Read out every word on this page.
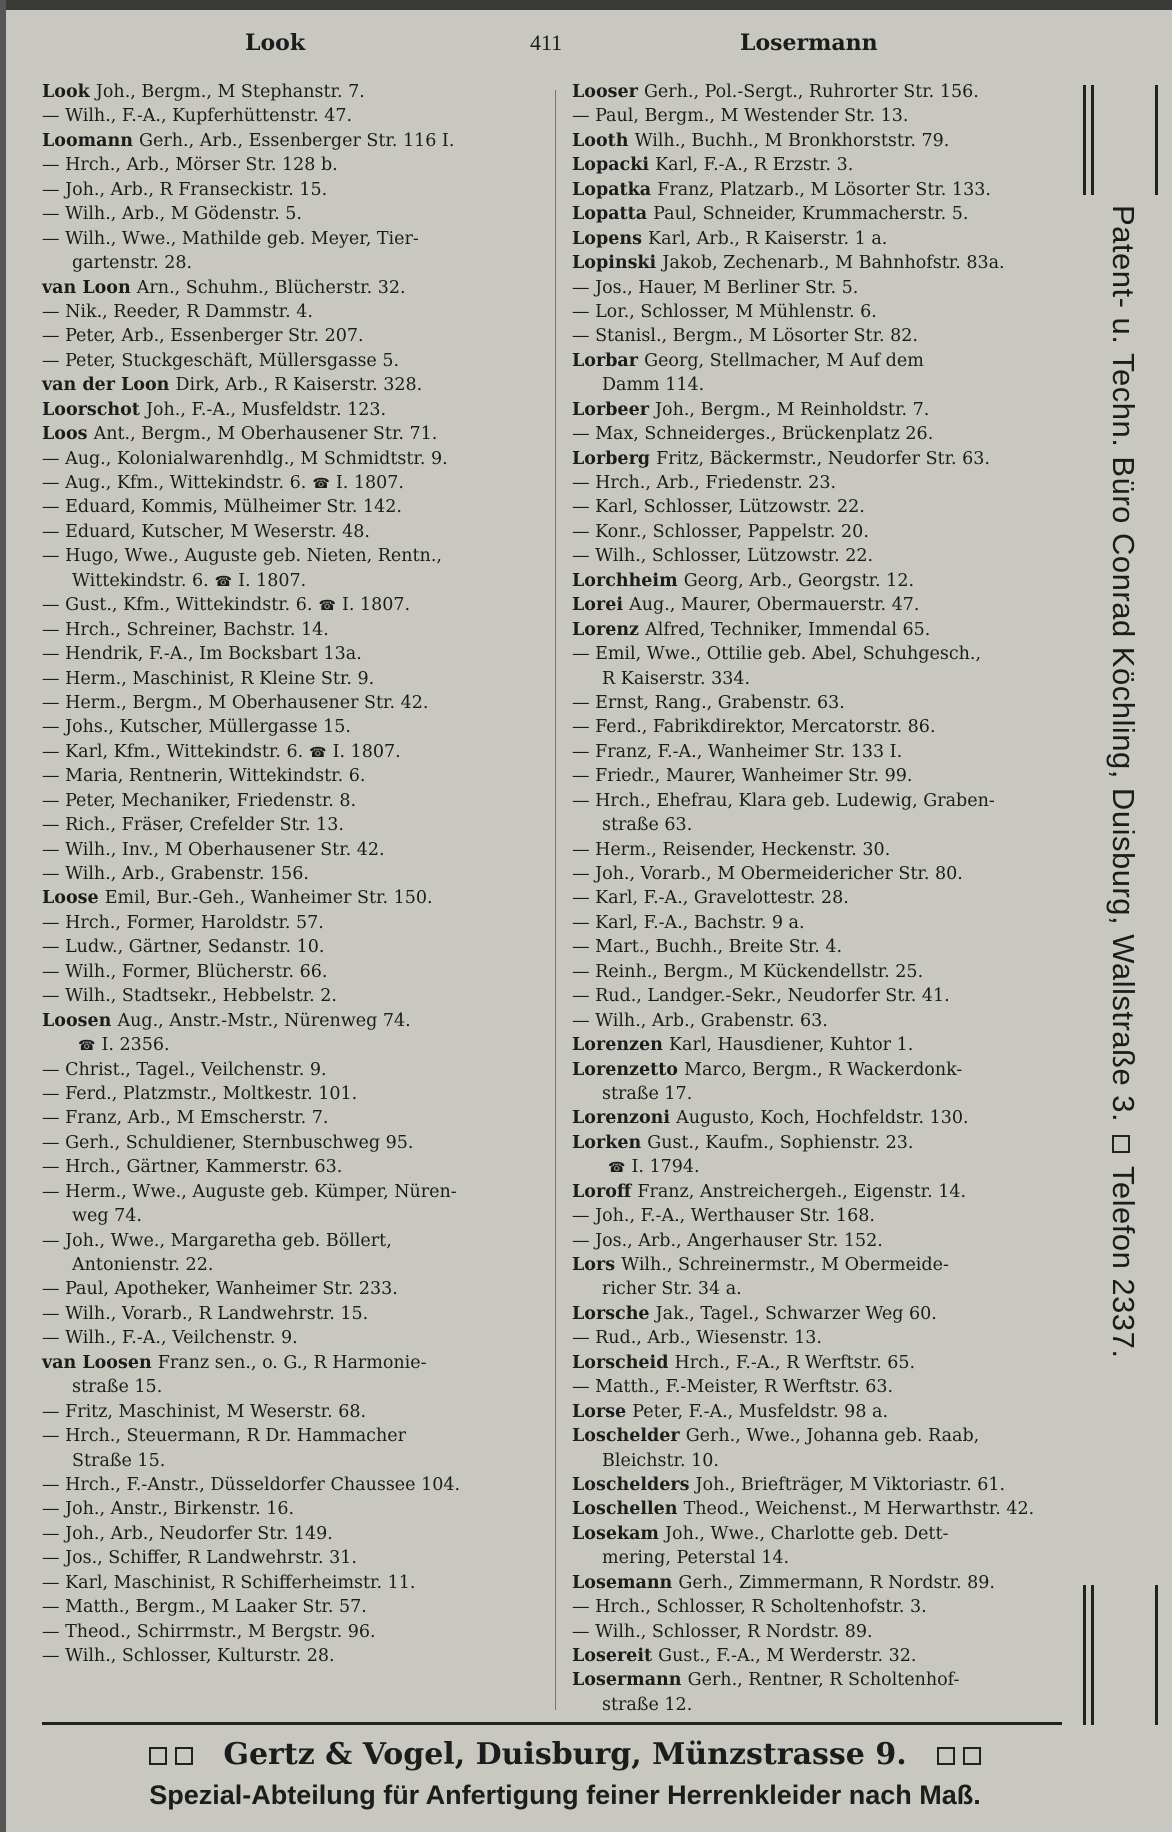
Look	411	Losermann
Look Joh., Bergm., M Stephanstr. 7.
— Wilh., F.-A., Kupferhüttenstr. 47.
Loomann Gerh., Arb., Essenberger Str. 116 I.
— Hrch., Arb., Mörser Str. 128 b.
— Joh., Arb., R Franseckistr. 15.
— Wilh., Arb., M Gödenstr. 5.
— Wilh., Wwe., Mathilde geb. Meyer, Tier-
gartenstr. 28.
van Loon Arn., Schuhm., Blücherstr. 32.
— Nik., Reeder, R Dammstr. 4.
— Peter, Arb., Essenberger Str. 207.
— Peter, Stuckgeschäft, Müllersgasse 5.
van der Loon Dirk, Arb., R Kaiserstr. 328.
Loorschot Joh., F.-A., Musfeldstr. 123.
Loos Ant., Bergm., M Oberhausener Str. 71.
— Aug., Kolonialwarenhdlg., M Schmidtstr. 9.
— Aug., Kfm., Wittekindstr. 6. ☎ I. 1807.
— Eduard, Kommis, Mülheimer Str. 142.
— Eduard, Kutscher, M Weserstr. 48.
— Hugo, Wwe., Auguste geb. Nieten, Rentn.,
Wittekindstr. 6. ☎ I. 1807.
— Gust., Kfm., Wittekindstr. 6. ☎ I. 1807.
— Hrch., Schreiner, Bachstr. 14.
— Hendrik, F.-A., Im Bocksbart 13a.
— Herm., Maschinist, R Kleine Str. 9.
— Herm., Bergm., M Oberhausener Str. 42.
— Johs., Kutscher, Müllergasse 15.
— Karl, Kfm., Wittekindstr. 6. ☎ I. 1807.
— Maria, Rentnerin, Wittekindstr. 6.
— Peter, Mechaniker, Friedenstr. 8.
— Rich., Fräser, Crefelder Str. 13.
— Wilh., Inv., M Oberhausener Str. 42.
— Wilh., Arb., Grabenstr. 156.
Loose Emil, Bur.-Geh., Wanheimer Str. 150.
— Hrch., Former, Haroldstr. 57.
— Ludw., Gärtner, Sedanstr. 10.
— Wilh., Former, Blücherstr. 66.
— Wilh., Stadtsekr., Hebbelstr. 2.
Loosen Aug., Anstr.-Mstr., Nürenweg 74.
☎ I. 2356.
— Christ., Tagel., Veilchenstr. 9.
— Ferd., Platzmstr., Moltkestr. 101.
— Franz, Arb., M Emscherstr. 7.
— Gerh., Schuldiener, Sternbuschweg 95.
— Hrch., Gärtner, Kammerstr. 63.
— Herm., Wwe., Auguste geb. Kümper, Nüren-
weg 74.
— Joh., Wwe., Margaretha geb. Böllert,
Antonienstr. 22.
— Paul, Apotheker, Wanheimer Str. 233.
— Wilh., Vorarb., R Landwehrstr. 15.
— Wilh., F.-A., Veilchenstr. 9.
van Loosen Franz sen., o. G., R Harmonie-
straße 15.
— Fritz, Maschinist, M Weserstr. 68.
— Hrch., Steuermann, R Dr. Hammacher
Straße 15.
— Hrch., F.-Anstr., Düsseldorfer Chaussee 104.
— Joh., Anstr., Birkenstr. 16.
— Joh., Arb., Neudorfer Str. 149.
— Jos., Schiffer, R Landwehrstr. 31.
— Karl, Maschinist, R Schifferheimstr. 11.
— Matth., Bergm., M Laaker Str. 57.
— Theod., Schirrmstr., M Bergstr. 96.
— Wilh., Schlosser, Kulturstr. 28.
Looser Gerh., Pol.-Sergt., Ruhrorter Str. 156.
— Paul, Bergm., M Westender Str. 13.
Looth Wilh., Buchh., M Bronkhorststr. 79.
Lopacki Karl, F.-A., R Erzstr. 3.
Lopatka Franz, Platzarb., M Lösorter Str. 133.
Lopatta Paul, Schneider, Krummacherstr. 5.
Lopens Karl, Arb., R Kaiserstr. 1 a.
Lopinski Jakob, Zechenarb., M Bahnhofstr. 83a.
— Jos., Hauer, M Berliner Str. 5.
— Lor., Schlosser, M Mühlenstr. 6.
— Stanisl., Bergm., M Lösorter Str. 82.
Lorbar Georg, Stellmacher, M Auf dem
Damm 114.
Lorbeer Joh., Bergm., M Reinholdstr. 7.
— Max, Schneiderges., Brückenplatz 26.
Lorberg Fritz, Bäckermstr., Neudorfer Str. 63.
— Hrch., Arb., Friedenstr. 23.
— Karl, Schlosser, Lützowstr. 22.
— Konr., Schlosser, Pappelstr. 20.
— Wilh., Schlosser, Lützowstr. 22.
Lorchheim Georg, Arb., Georgstr. 12.
Lorei Aug., Maurer, Obermauerstr. 47.
Lorenz Alfred, Techniker, Immendal 65.
— Emil, Wwe., Ottilie geb. Abel, Schuhgesch.,
R Kaiserstr. 334.
— Ernst, Rang., Grabenstr. 63.
— Ferd., Fabrikdirektor, Mercatorstr. 86.
— Franz, F.-A., Wanheimer Str. 133 I.
— Friedr., Maurer, Wanheimer Str. 99.
— Hrch., Ehefrau, Klara geb. Ludewig, Graben-
straße 63.
— Herm., Reisender, Heckenstr. 30.
— Joh., Vorarb., M Obermeidericher Str. 80.
— Karl, F.-A., Gravelottestr. 28.
— Karl, F.-A., Bachstr. 9 a.
— Mart., Buchh., Breite Str. 4.
— Reinh., Bergm., M Kückendellstr. 25.
— Rud., Landger.-Sekr., Neudorfer Str. 41.
— Wilh., Arb., Grabenstr. 63.
Lorenzen Karl, Hausdiener, Kuhtor 1.
Lorenzetto Marco, Bergm., R Wackerdonk-
straße 17.
Lorenzoni Augusto, Koch, Hochfeldstr. 130.
Lorken Gust., Kaufm., Sophienstr. 23.
☎ I. 1794.
Loroff Franz, Anstreichergeh., Eigenstr. 14.
— Joh., F.-A., Werthauser Str. 168.
— Jos., Arb., Angerhauser Str. 152.
Lors Wilh., Schreinermstr., M Obermeide-
richer Str. 34 a.
Lorsche Jak., Tagel., Schwarzer Weg 60.
— Rud., Arb., Wiesenstr. 13.
Lorscheid Hrch., F.-A., R Werftstr. 65.
— Matth., F.-Meister, R Werftstr. 63.
Lorse Peter, F.-A., Musfeldstr. 98 a.
Loschelder Gerh., Wwe., Johanna geb. Raab,
Bleichstr. 10.
Loschelders Joh., Briefträger, M Viktoriastr. 61.
Loschellen Theod., Weichenst., M Herwarthstr. 42.
Losekam Joh., Wwe., Charlotte geb. Dett-
mering, Peterstal 14.
Losemann Gerh., Zimmermann, R Nordstr. 89.
— Hrch., Schlosser, R Scholtenhofstr. 3.
— Wilh., Schlosser, R Nordstr. 89.
Losereit Gust., F.-A., M Werderstr. 32.
Losermann Gerh., Rentner, R Scholtenhof-
straße 12.
Patent- u. Techn. Büro Conrad Köchling, Duisburg, Wallstraße 3.  Telefon 2337.
Gertz & Vogel, Duisburg, Münzstrasse 9.
Spezial-Abteilung für Anfertigung feiner Herrenkleider nach Maß.
